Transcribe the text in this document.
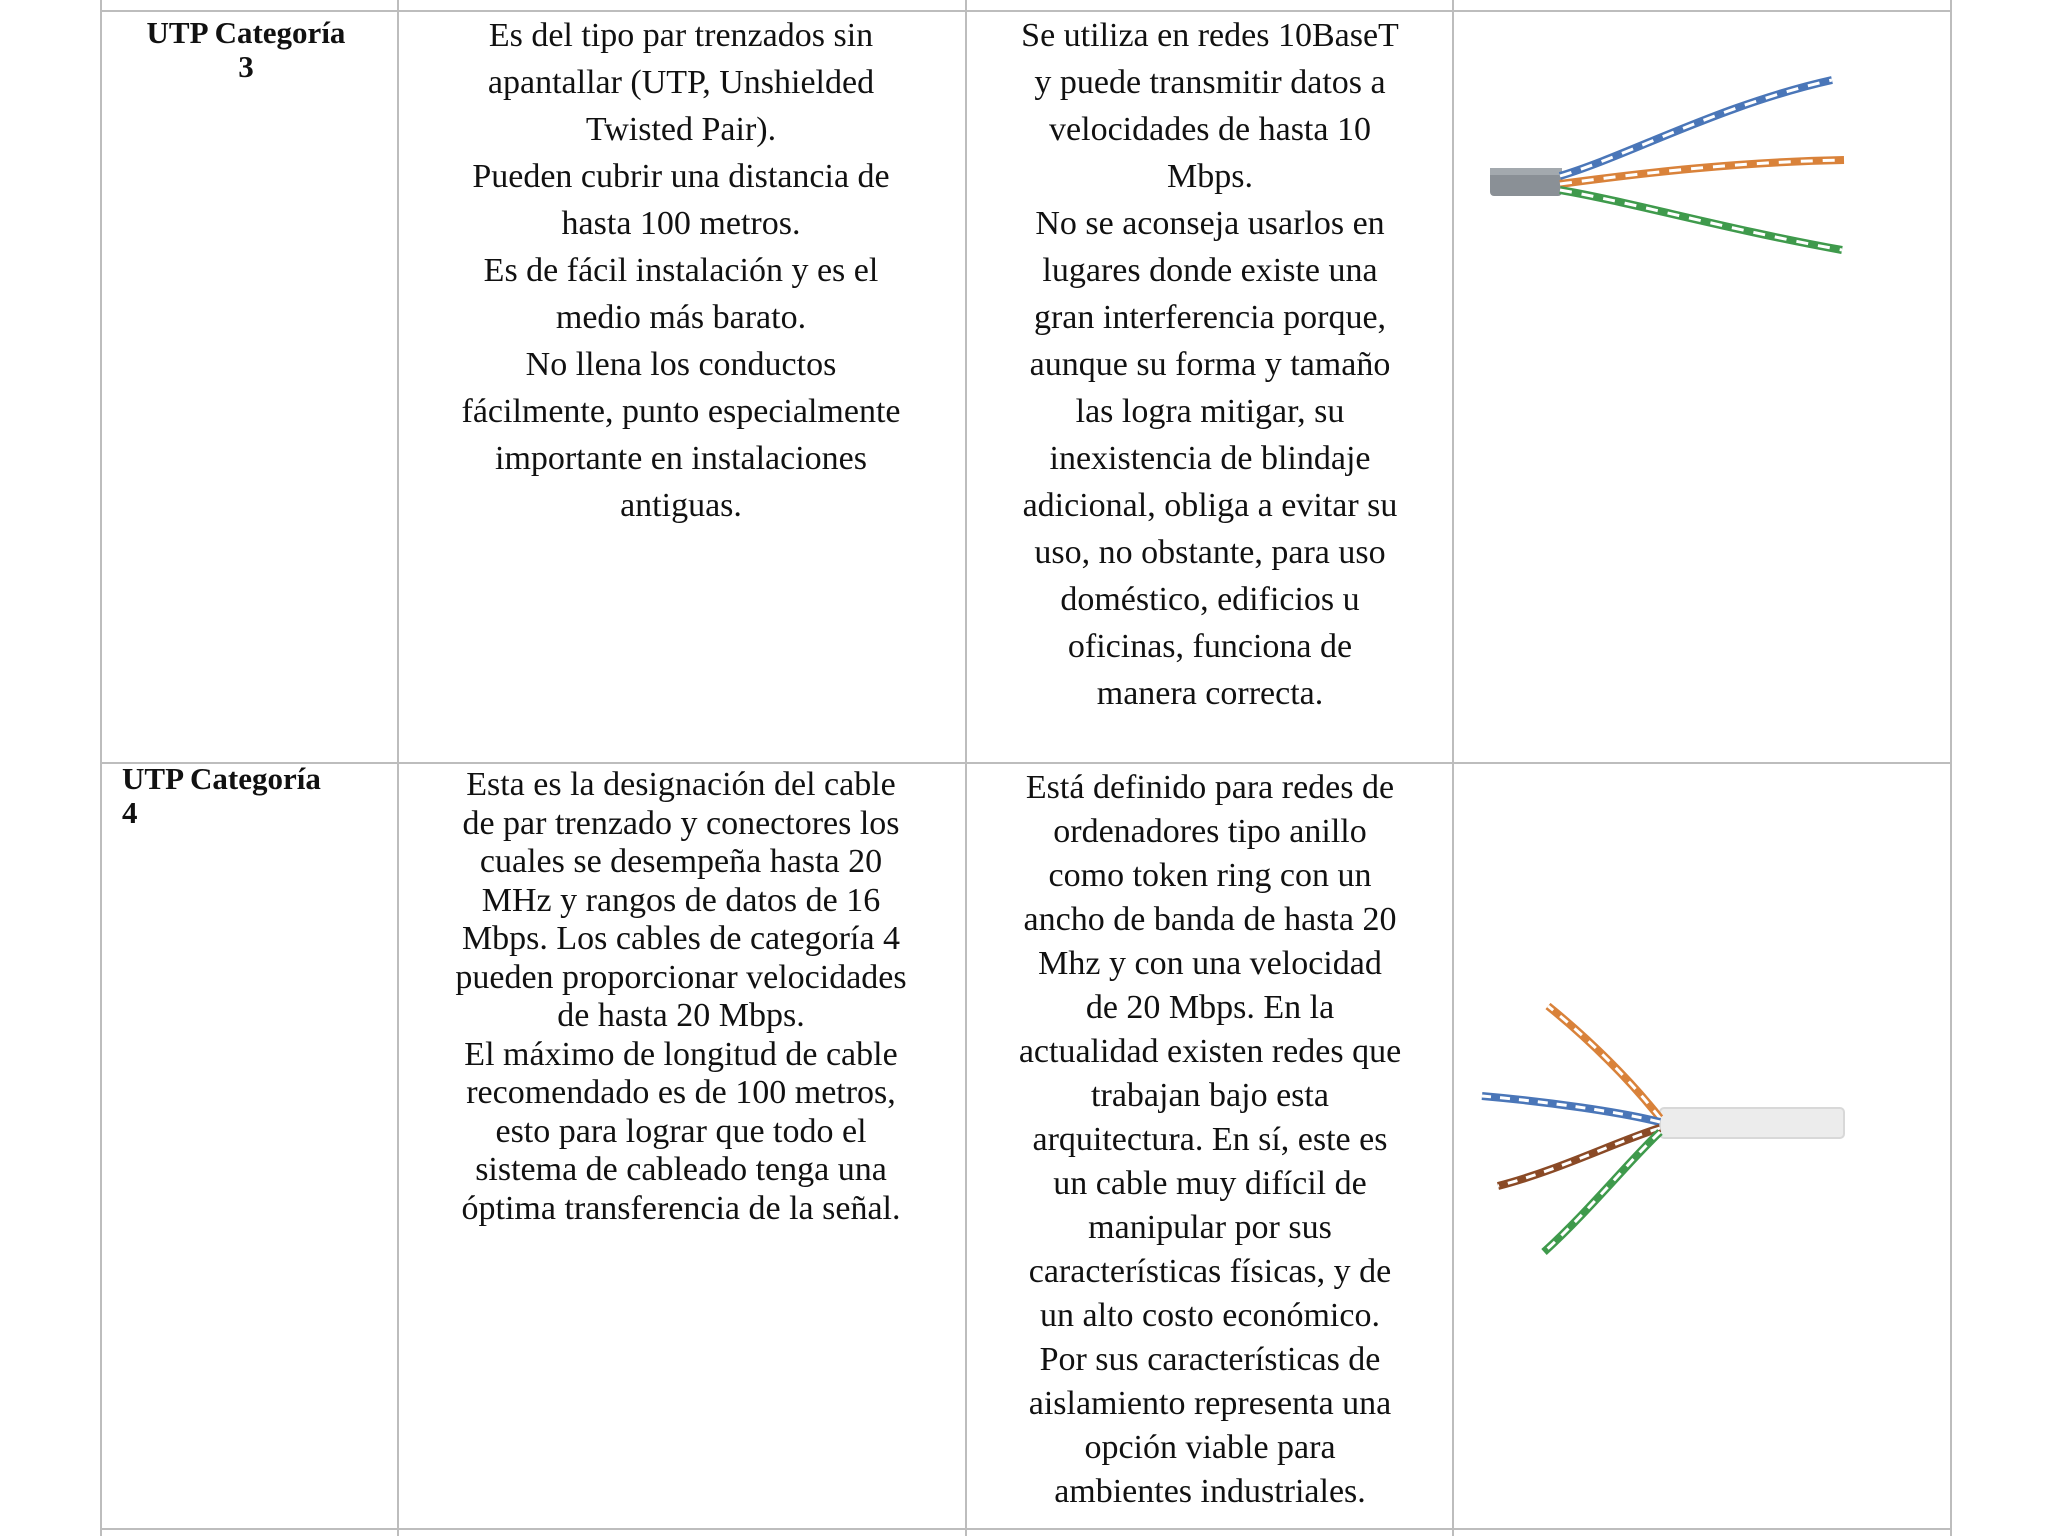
UTP Categoría
3
Es del tipo par trenzados sin
apantallar (UTP, Unshielded
Twisted Pair).
Pueden cubrir una distancia de
hasta 100 metros.
Es de fácil instalación y es el
medio más barato.
No llena los conductos
fácilmente, punto especialmente
importante en instalaciones
antiguas.
Se utiliza en redes 10BaseT
y puede transmitir datos a
velocidades de hasta 10
Mbps.
No se aconseja usarlos en
lugares donde existe una
gran interferencia porque,
aunque su forma y tamaño
las logra mitigar, su
inexistencia de blindaje
adicional, obliga a evitar su
uso, no obstante, para uso
doméstico, edificios u
oficinas, funciona de
manera correcta.
UTP Categoría
4
Esta es la designación del cable
de par trenzado y conectores los
cuales se desempeña hasta 20
MHz y rangos de datos de 16
Mbps. Los cables de categoría 4
pueden proporcionar velocidades
de hasta 20 Mbps.
El máximo de longitud de cable
recomendado es de 100 metros,
esto para lograr que todo el
sistema de cableado tenga una
óptima transferencia de la señal.
Está definido para redes de
ordenadores tipo anillo
como token ring con un
ancho de banda de hasta 20
Mhz y con una velocidad
de 20 Mbps. En la
actualidad existen redes que
trabajan bajo esta
arquitectura. En sí, este es
un cable muy difícil de
manipular por sus
características físicas, y de
un alto costo económico.
Por sus características de
aislamiento representa una
opción viable para
ambientes industriales.
